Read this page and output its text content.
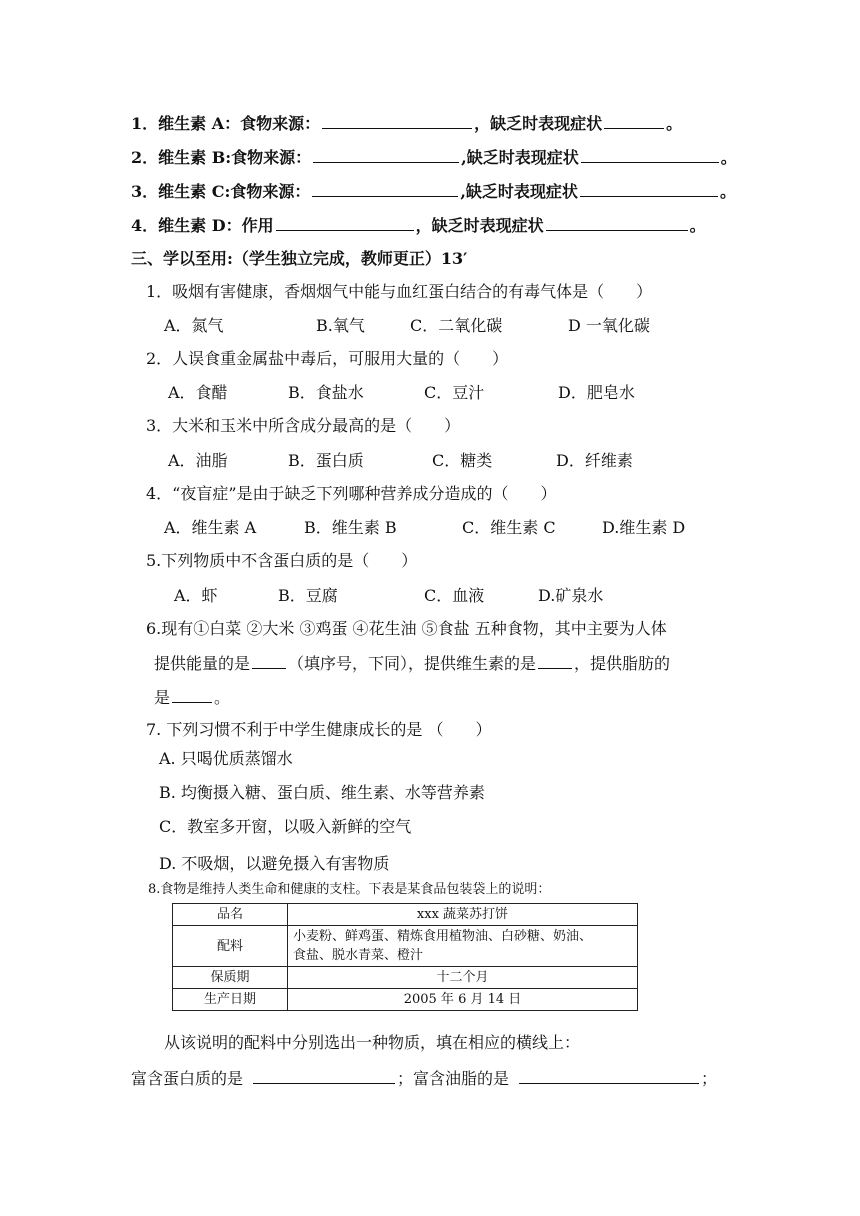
1．维生素 A：食物来源：	，缺乏时表现症状	。
2．维生素 B:食物来源：	,缺乏时表现症状	。
3．维生素 C:食物来源：	,缺乏时表现症状	。
4．维生素 D：作用	，缺乏时表现症状	。
三、学以至用:（学生独立完成，教师更正）13′
1．吸烟有害健康，香烟烟气中能与血红蛋白结合的有毒气体是（　　）
A．氮气	B.氧气	C．二氧化碳	D 一氧化碳
2．人误食重金属盐中毒后，可服用大量的（　　）
A．食醋	B．食盐水	C．豆汁	D．肥皂水
3．大米和玉米中所含成分最高的是（　　）
A．油脂	B．蛋白质	C．糖类	D．纤维素
4．“夜盲症”是由于缺乏下列哪种营养成分造成的（　　）
A．维生素 A	B．维生素 B	C．维生素 C	D.维生素 D
5.下列物质中不含蛋白质的是（　　）
A．虾	B．豆腐	C．血液	D.矿泉水
6.现有①白菜 ②大米 ③鸡蛋 ④花生油 ⑤食盐 五种食物，其中主要为人体
提供能量的是 （填序号，下同），提供维生素的是 ，提供脂肪的
是	。
7. 下列习惯不利于中学生健康成长的是 （　　）
A. 只喝优质蒸馏水
B. 均衡摄入糖、蛋白质、维生素、水等营养素
C．教室多开窗，以吸入新鲜的空气
D. 不吸烟，以避免摄入有害物质
8.食物是维持人类生命和健康的支柱。下表是某食品包装袋上的说明：
品名	xxx 蔬菜苏打饼
配料	小麦粉、鲜鸡蛋、精炼食用植物油、白砂糖、奶油、
食盐、脱水青菜、橙汁

保质期	十二个月
生产日期	2005 年 6 月 14 日
从该说明的配料中分别选出一种物质，填在相应的横线上：
富含蛋白质的是	；富含油脂的是	；
